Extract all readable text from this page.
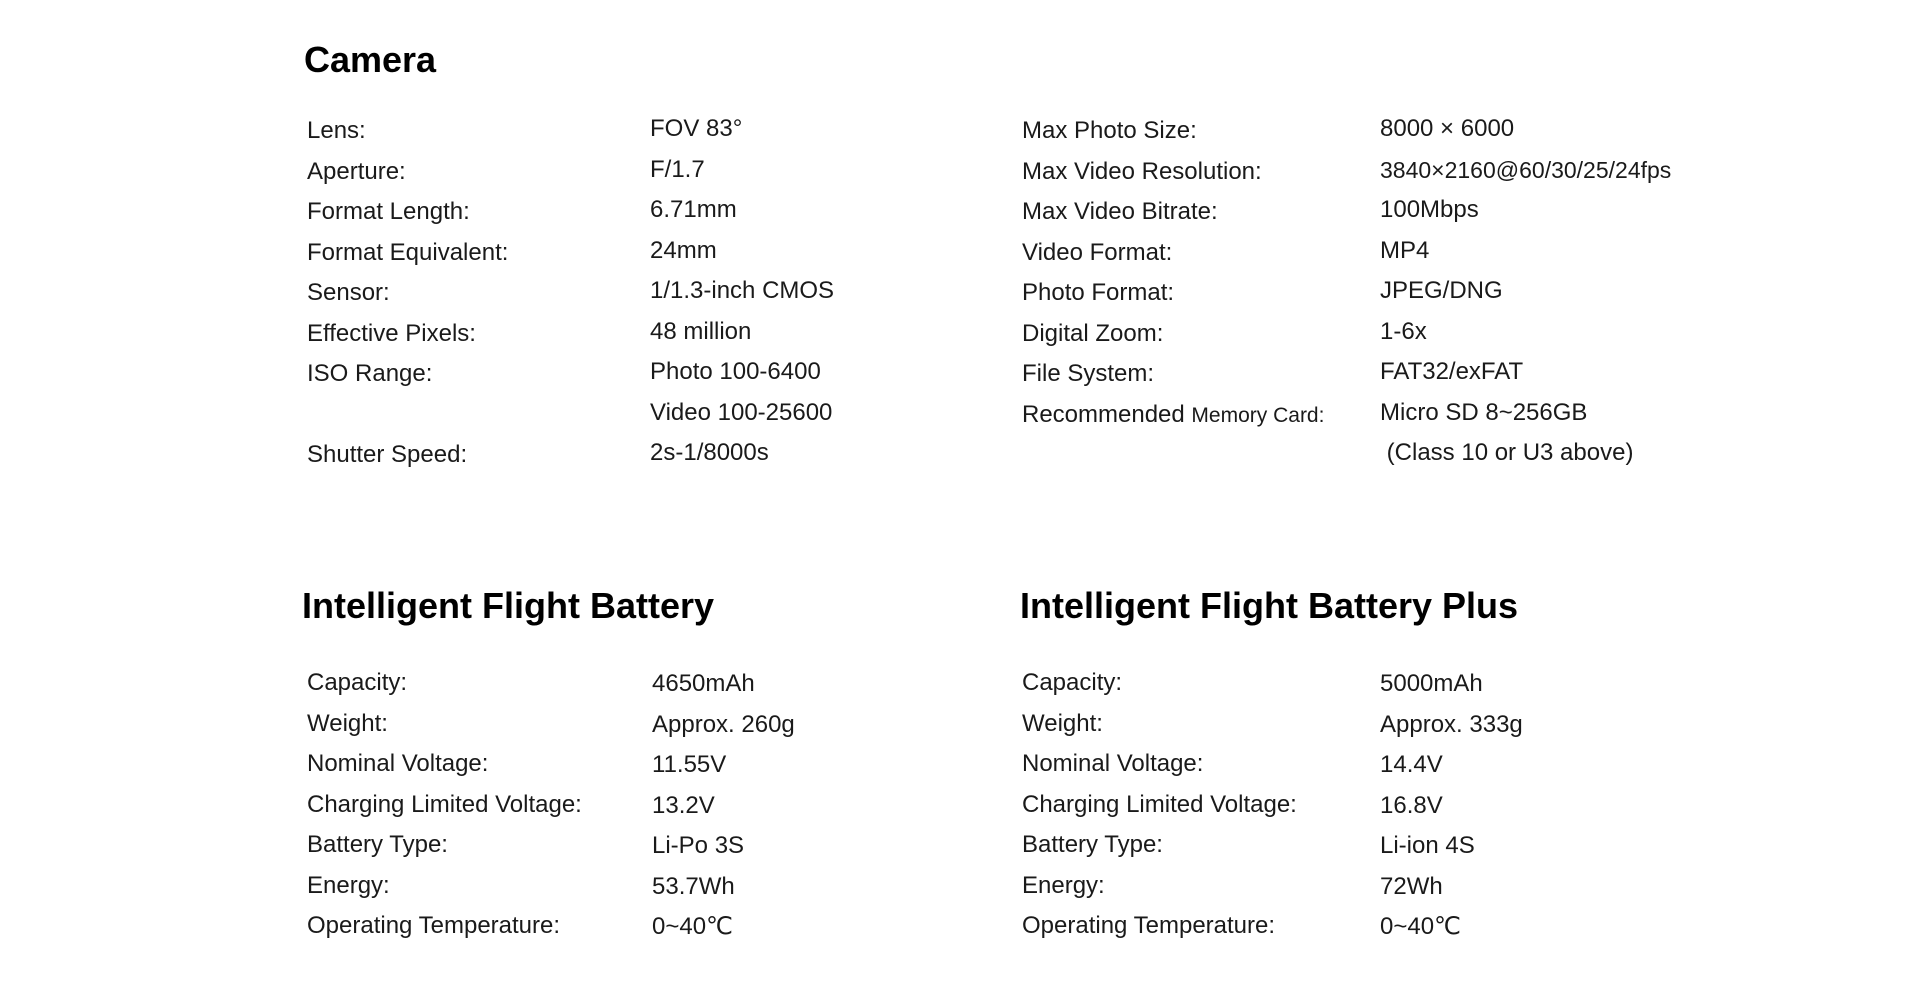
Camera
Lens:	FOV 83°
Aperture:	F/1.7
Format Length:	6.71mm
Format Equivalent:	24mm
Sensor:	1/1.3-inch CMOS
Effective Pixels:	48 million
ISO Range:	Photo 100-6400
Video 100-25600
Shutter Speed:	2s-1/8000s
Max Photo Size:	8000 × 6000
Max Video Resolution:	3840×2160@60/30/25/24fps
Max Video Bitrate:	100Mbps
Video Format:	MP4
Photo Format:	JPEG/DNG
Digital Zoom:	1-6x
File System:	FAT32/exFAT
Recommended Memory Card: Micro SD 8~256GB
(Class 10 or U3 above)
Intelligent Flight Battery
Capacity:	4650mAh
Weight:	Approx. 260g
Nominal Voltage:	11.55V
Charging Limited Voltage:	13.2V
Battery Type:	Li-Po 3S
Energy:	53.7Wh
Operating Temperature:	0~40℃
Intelligent Flight Battery Plus
Capacity:	5000mAh
Weight:	Approx. 333g
Nominal Voltage:	14.4V
Charging Limited Voltage:	16.8V
Battery Type:	Li-ion 4S
Energy:	72Wh
Operating Temperature:	0~40℃
